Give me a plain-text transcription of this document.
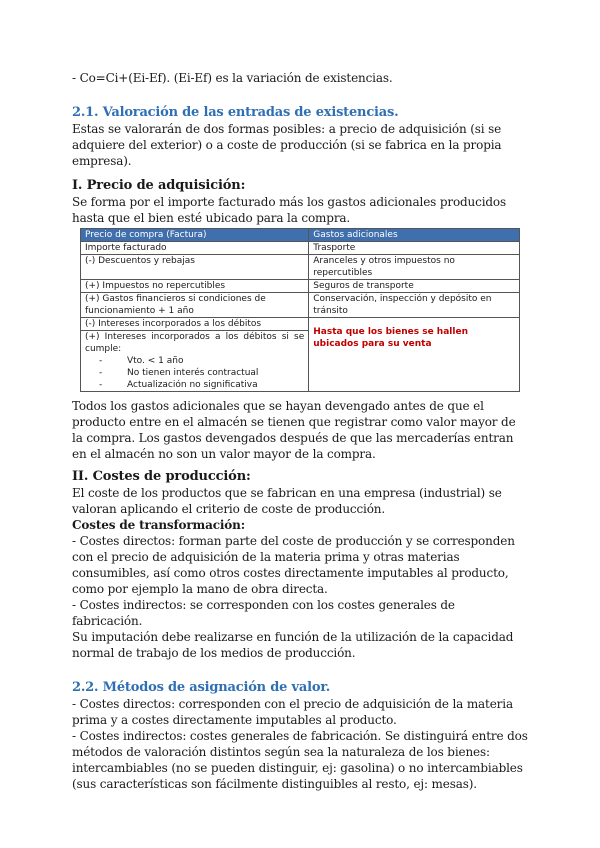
- Co=Ci+(Ei-Ef). (Ei-Ef) es la variación de existencias.

2.1. Valoración de las entradas de existencias.

Estas se valorarán de dos formas posibles: a precio de adquisición (si se adquiere del exterior) o a coste de producción (si se fabrica en la propia empresa).

I. Precio de adquisición:

Se forma por el importe facturado más los gastos adicionales producidos hasta que el bien esté ubicado para la compra.

Precio de compra (Factura)	Gastos adicionales
Importe facturado	Trasporte
(-) Descuentos y rebajas	Aranceles y otros impuestos no repercutibles
(+) Impuestos no repercutibles	Seguros de transporte
(+) Gastos financieros si condiciones de funcionamiento + 1 año	Conservación, inspección y depósito en tránsito
(-) Intereses incorporados a los débitos	Hasta que los bienes se hallen ubicados para su venta

(+) Intereses incorporados a los débitos si se cumple:
- Vto. < 1 año
- No tienen interés contractual
- Actualización no significativa	

Todos los gastos adicionales que se hayan devengado antes de que el producto entre en el almacén se tienen que registrar como valor mayor de la compra. Los gastos devengados después de que las mercaderías entran en el almacén no son un valor mayor de la compra.

II. Costes de producción:

El coste de los productos que se fabrican en una empresa (industrial) se valoran aplicando el criterio de coste de producción.

Costes de transformación:

- Costes directos: forman parte del coste de producción y se corresponden con el precio de adquisición de la materia prima y otras materias consumibles, así como otros costes directamente imputables al producto, como por ejemplo la mano de obra directa.

- Costes indirectos: se corresponden con los costes generales de fabricación.

Su imputación debe realizarse en función de la utilización de la capacidad normal de trabajo de los medios de producción.

2.2. Métodos de asignación de valor.

- Costes directos: corresponden con el precio de adquisición de la materia prima y a costes directamente imputables al producto.

- Costes indirectos: costes generales de fabricación. Se distinguirá entre dos métodos de valoración distintos según sea la naturaleza de los bienes: intercambiables (no se pueden distinguir, ej: gasolina) o no intercambiables (sus características son fácilmente distinguibles al resto, ej: mesas).
